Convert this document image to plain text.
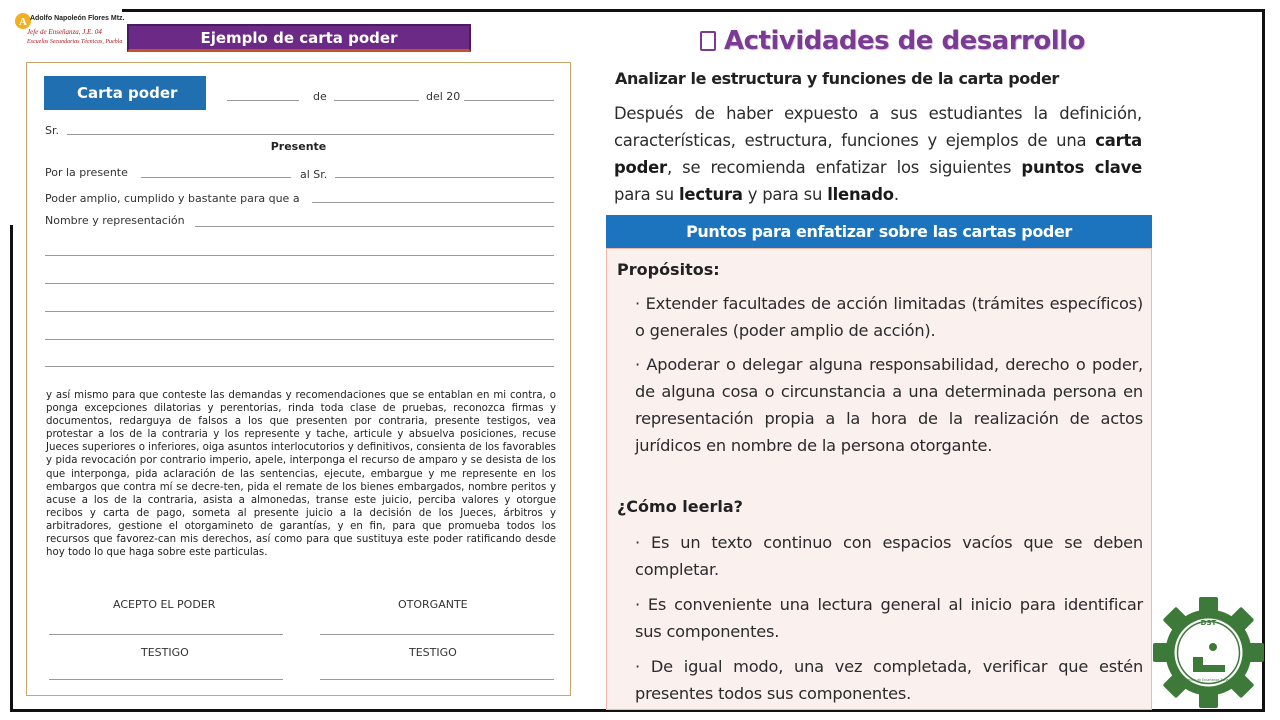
A Adolfo Napoleón Flores Mtz.
Jefe de Enseñanza, J.E. 04
Escuelas Secundarias Técnicas, Puebla	Ejemplo de carta poder
Carta poder	de	del 20
Sr.
Presente
Por la presente	al Sr.
Poder amplio, cumplido y bastante para que a
Nombre y representación
y así mismo para que conteste las demandas y recomendaciones que se entablan en mi contra, o ponga excepciones dilatorias y perentorias, rinda toda clase de pruebas, reconozca firmas y documentos, redarguya de falsos a los que presenten por contraria, presente testigos, vea protestar a los de la contraria y los represente y tache, articule y absuelva posiciones, recuse Jueces superiores o inferiores, oiga asuntos interlocutorios y definitivos, consienta de los favorables y pida revocación por contrario imperio, apele, interponga el recurso de amparo y se desista de los que interponga, pida aclaración de las sentencias, ejecute, embargue y me represente en los embargos que contra mí se decre-ten, pida el remate de los bienes embargados, nombre peritos y acuse a los de la contraria, asista a almonedas, transe este juicio, perciba valores y otorgue recibos y carta de pago, someta al presente juicio a la decisión de los Jueces, árbitros y arbitradores, gestione el otorgamineto de garantías, y en fin, para que promueba todos los recursos que favorez-can mis derechos, así como para que sustituya este poder ratificando desde hoy todo lo que haga sobre este particulas.
ACEPTO EL PODER	OTORGANTE
TESTIGO	TESTIGO
Actividades de desarrollo
Analizar le estructura y funciones de la carta poder
Después de haber expuesto a sus estudiantes la definición, características, estructura, funciones y ejemplos de una carta poder, se recomienda enfatizar los siguientes puntos clave para su lectura y para su llenado.
Puntos para enfatizar sobre las cartas poder
Propósitos:
· Extender facultades de acción limitadas (trámites específicos) o generales (poder amplio de acción).
· Apoderar o delegar alguna responsabilidad, derecho o poder, de alguna cosa o circunstancia a una determinada persona en representación propia a la hora de la realización de actos jurídicos en nombre de la persona otorgante.
¿Cómo leerla?
· Es un texto continuo con espacios vacíos que se deben completar.
· Es conveniente una lectura general al inicio para identificar sus componentes.
· De igual modo, una vez completada, verificar que estén presentes todos sus componentes.
DST
Jefatura de Enseñanza Zona 04
